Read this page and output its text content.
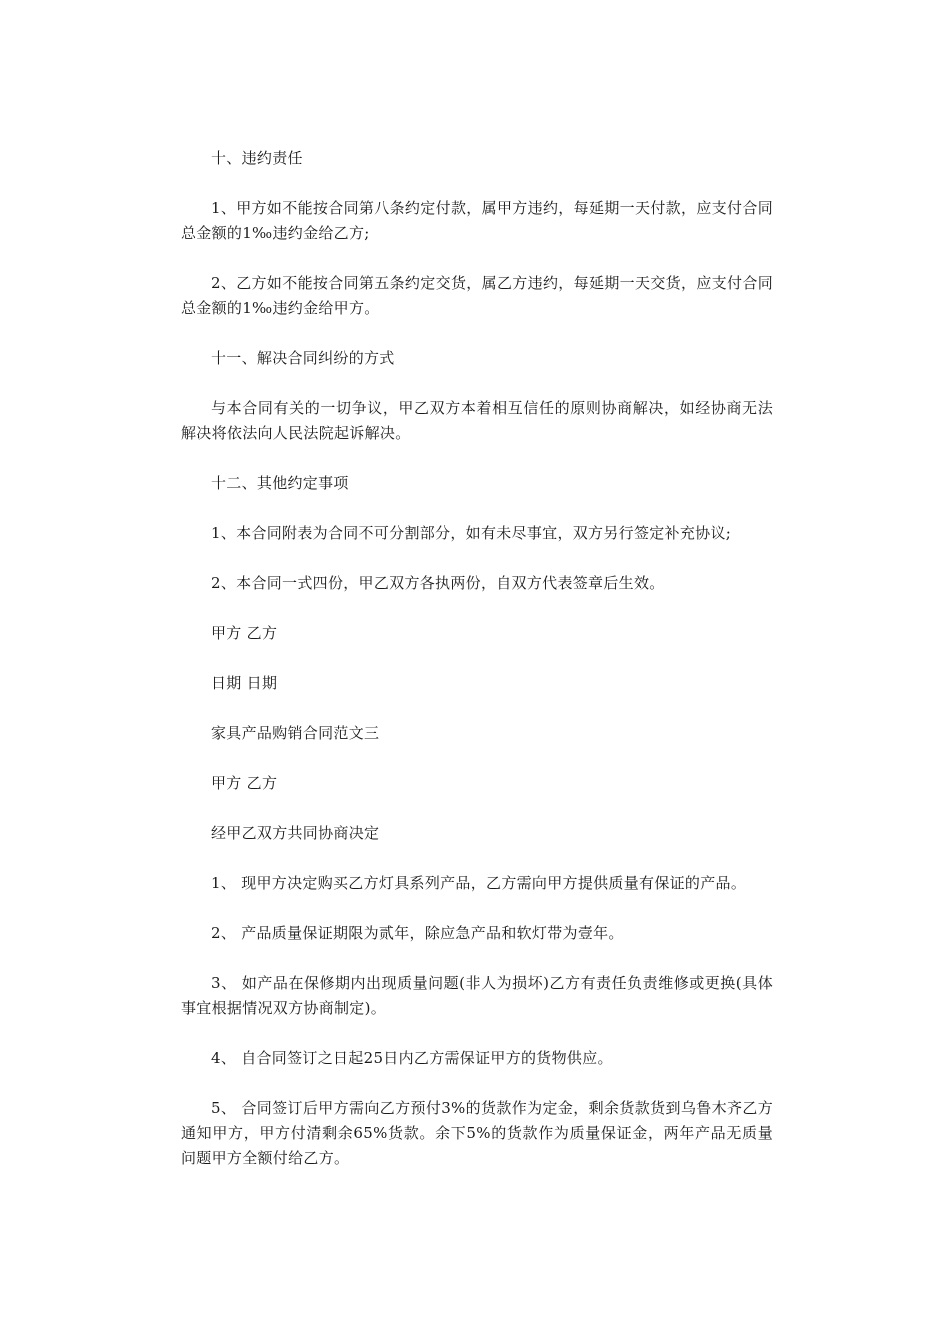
十、违约责任

1、甲方如不能按合同第八条约定付款，属甲方违约，每延期一天付款，应支付合同总金额的1‰违约金给乙方;

2、乙方如不能按合同第五条约定交货，属乙方违约，每延期一天交货，应支付合同总金额的1‰违约金给甲方。

十一、解决合同纠纷的方式

与本合同有关的一切争议，甲乙双方本着相互信任的原则协商解决，如经协商无法解决将依法向人民法院起诉解决。

十二、其他约定事项

1、本合同附表为合同不可分割部分，如有未尽事宜，双方另行签定补充协议;

2、本合同一式四份，甲乙双方各执两份，自双方代表签章后生效。

甲方 乙方

日期 日期

家具产品购销合同范文三

甲方 乙方

经甲乙双方共同协商决定

1、 现甲方决定购买乙方灯具系列产品，乙方需向甲方提供质量有保证的产品。

2、 产品质量保证期限为贰年，除应急产品和软灯带为壹年。

3、 如产品在保修期内出现质量问题(非人为损坏)乙方有责任负责维修或更换(具体事宜根据情况双方协商制定)。

4、 自合同签订之日起25日内乙方需保证甲方的货物供应。

5、 合同签订后甲方需向乙方预付3%的货款作为定金，剩余货款货到乌鲁木齐乙方通知甲方，甲方付清剩余65%货款。余下5%的货款作为质量保证金，两年产品无质量问题甲方全额付给乙方。
